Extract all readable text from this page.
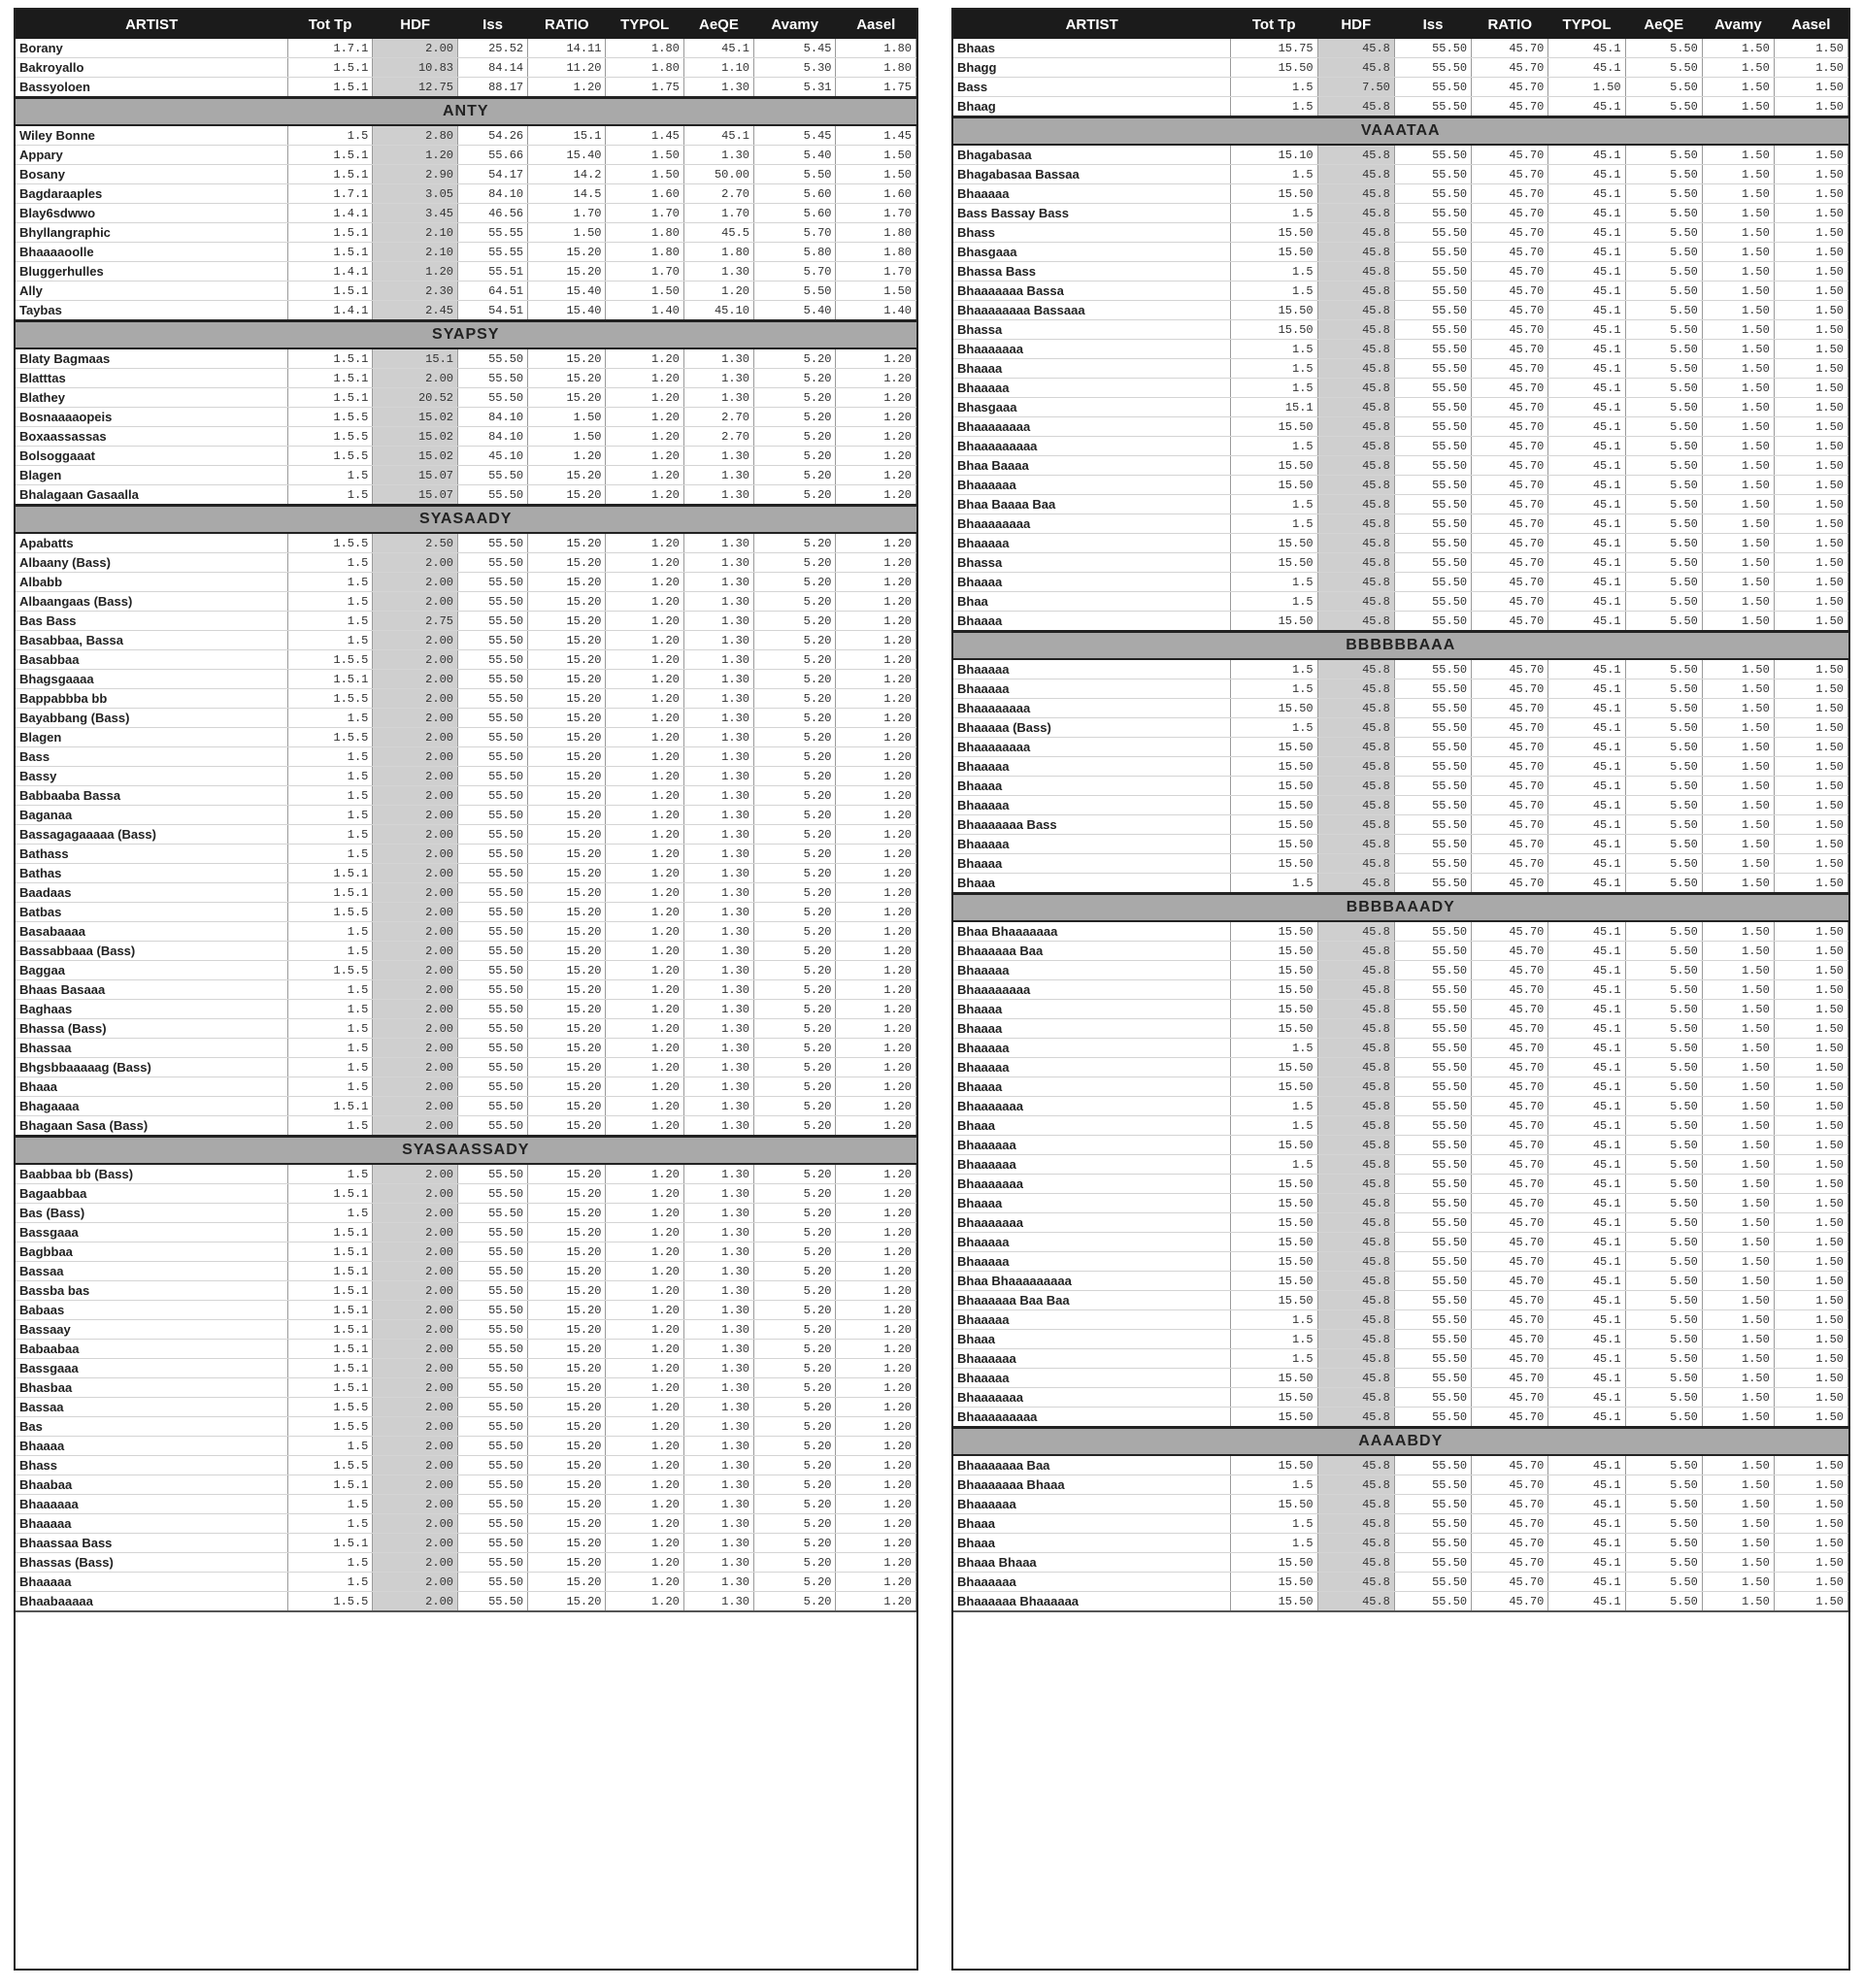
ARTIST	Tot Tp	HDF	Iss	RATIO	TYPOL	AeQE	Avamy	Aasel
Borany	1.7.1	2.00	25.52	14.11	1.80	45.1	5.45	1.80
Bakroyallo	1.5.1	10.83	84.14	11.20	1.80	1.10	5.30	1.80
Bassyoloen	1.5.1	12.75	88.17	1.20	1.75	1.30	5.31	1.75
ANTY								
Wiley Bonne	1.5	2.80	54.26	15.1	1.45	45.1	5.45	1.45
Appary	1.5.1	1.20	55.66	15.40	1.50	1.30	5.40	1.50
Bosany	1.5.1	2.90	54.17	14.2	1.50	50.00	5.50	1.50
Bagdaraaples	1.7.1	3.05	84.10	14.5	1.60	2.70	5.60	1.60
Blay6sdwwo	1.4.1	3.45	46.56	1.70	1.70	1.70	5.60	1.70
Bhyllangraphic	1.5.1	2.10	55.55	1.50	1.80	45.5	5.70	1.80
Bhaaaaoolle	1.5.1	2.10	55.55	15.20	1.80	1.80	5.80	1.80
Bluggerhulles	1.4.1	1.20	55.51	15.20	1.70	1.30	5.70	1.70
Ally	1.5.1	2.30	64.51	15.40	1.50	1.20	5.50	1.50
Taybas	1.4.1	2.45	54.51	15.40	1.40	45.10	5.40	1.40
SYAPSY								
Blaty Bagmaas	1.5.1	15.1	55.50	15.20	1.20	1.30	5.20	1.20
Blatttas	1.5.1	2.00	55.50	15.20	1.20	1.30	5.20	1.20
Blathey	1.5.1	20.52	55.50	15.20	1.20	1.30	5.20	1.20
Bosnaaaaopeis	1.5.5	15.02	84.10	1.50	1.20	2.70	5.20	1.20
Boxaassassas	1.5.5	15.02	84.10	1.50	1.20	2.70	5.20	1.20
Bolsoggaaat	1.5.5	15.02	45.10	1.20	1.20	1.30	5.20	1.20
Blagen	1.5	15.07	55.50	15.20	1.20	1.30	5.20	1.20
Bhalagaan Gasaalla	1.5	15.07	55.50	15.20	1.20	1.30	5.20	1.20
SYASAADY								
Apabatts	1.5.5	2.50	55.50	15.20	1.20	1.30	5.20	1.20
Albaany (Bass)	1.5	2.00	55.50	15.20	1.20	1.30	5.20	1.20
Albabb	1.5	2.00	55.50	15.20	1.20	1.30	5.20	1.20
Albaangaas (Bass)	1.5	2.00	55.50	15.20	1.20	1.30	5.20	1.20
Bas Bass	1.5	2.75	55.50	15.20	1.20	1.30	5.20	1.20
Basabbaa, Bassa	1.5	2.00	55.50	15.20	1.20	1.30	5.20	1.20
Basabbaa	1.5.5	2.00	55.50	15.20	1.20	1.30	5.20	1.20
Bhagsgaaaa	1.5.1	2.00	55.50	15.20	1.20	1.30	5.20	1.20
Bappabbba bb	1.5.5	2.00	55.50	15.20	1.20	1.30	5.20	1.20
Bayabbang (Bass)	1.5	2.00	55.50	15.20	1.20	1.30	5.20	1.20
Blagen	1.5.5	2.00	55.50	15.20	1.20	1.30	5.20	1.20
Bass	1.5	2.00	55.50	15.20	1.20	1.30	5.20	1.20
Bassy	1.5	2.00	55.50	15.20	1.20	1.30	5.20	1.20
Babbaaba Bassa	1.5	2.00	55.50	15.20	1.20	1.30	5.20	1.20
Baganaa	1.5	2.00	55.50	15.20	1.20	1.30	5.20	1.20
Bassagagaaaaa (Bass)	1.5	2.00	55.50	15.20	1.20	1.30	5.20	1.20
Bathass	1.5	2.00	55.50	15.20	1.20	1.30	5.20	1.20
Bathas	1.5.1	2.00	55.50	15.20	1.20	1.30	5.20	1.20
Baadaas	1.5.1	2.00	55.50	15.20	1.20	1.30	5.20	1.20
Batbas	1.5.5	2.00	55.50	15.20	1.20	1.30	5.20	1.20
Basabaaaa	1.5	2.00	55.50	15.20	1.20	1.30	5.20	1.20
Bassabbaaa (Bass)	1.5	2.00	55.50	15.20	1.20	1.30	5.20	1.20
Baggaa	1.5.5	2.00	55.50	15.20	1.20	1.30	5.20	1.20
Bhaas Basaaa	1.5	2.00	55.50	15.20	1.20	1.30	5.20	1.20
Baghaas	1.5	2.00	55.50	15.20	1.20	1.30	5.20	1.20
Bhassa (Bass)	1.5	2.00	55.50	15.20	1.20	1.30	5.20	1.20
Bhassaa	1.5	2.00	55.50	15.20	1.20	1.30	5.20	1.20
Bhgsbbaaaaag (Bass)	1.5	2.00	55.50	15.20	1.20	1.30	5.20	1.20
Bhaaa	1.5	2.00	55.50	15.20	1.20	1.30	5.20	1.20
Bhagaaaa	1.5.1	2.00	55.50	15.20	1.20	1.30	5.20	1.20
Bhagaan Sasa (Bass)	1.5	2.00	55.50	15.20	1.20	1.30	5.20	1.20
SYASAASSADY								
Baabbaa bb (Bass)	1.5	2.00	55.50	15.20	1.20	1.30	5.20	1.20
Bagaabbaa	1.5.1	2.00	55.50	15.20	1.20	1.30	5.20	1.20
Bas (Bass)	1.5	2.00	55.50	15.20	1.20	1.30	5.20	1.20
Bassgaaa	1.5.1	2.00	55.50	15.20	1.20	1.30	5.20	1.20
Bagbbaa	1.5.1	2.00	55.50	15.20	1.20	1.30	5.20	1.20
Bassaa	1.5.1	2.00	55.50	15.20	1.20	1.30	5.20	1.20
Bassba bas	1.5.1	2.00	55.50	15.20	1.20	1.30	5.20	1.20
Babaas	1.5.1	2.00	55.50	15.20	1.20	1.30	5.20	1.20
Bassaay	1.5.1	2.00	55.50	15.20	1.20	1.30	5.20	1.20
Babaabaa	1.5.1	2.00	55.50	15.20	1.20	1.30	5.20	1.20
Bassgaaa	1.5.1	2.00	55.50	15.20	1.20	1.30	5.20	1.20
Bhasbaa	1.5.1	2.00	55.50	15.20	1.20	1.30	5.20	1.20
Bassaa	1.5.5	2.00	55.50	15.20	1.20	1.30	5.20	1.20
Bas	1.5.5	2.00	55.50	15.20	1.20	1.30	5.20	1.20
Bhaaaa	1.5	2.00	55.50	15.20	1.20	1.30	5.20	1.20
Bhass	1.5.5	2.00	55.50	15.20	1.20	1.30	5.20	1.20
Bhaabaa	1.5.1	2.00	55.50	15.20	1.20	1.30	5.20	1.20
Bhaaaaaa	1.5	2.00	55.50	15.20	1.20	1.30	5.20	1.20
Bhaaaaa	1.5	2.00	55.50	15.20	1.20	1.30	5.20	1.20
Bhaassaa Bass	1.5.1	2.00	55.50	15.20	1.20	1.30	5.20	1.20
Bhassas (Bass)	1.5	2.00	55.50	15.20	1.20	1.30	5.20	1.20
Bhaaaaa	1.5	2.00	55.50	15.20	1.20	1.30	5.20	1.20
Bhaabaaaaa	1.5.5	2.00	55.50	15.20	1.20	1.30	5.20	1.20
ARTIST	Tot Tp	HDF	Iss	RATIO	TYPOL	AeQE	Avamy	Aasel
Bhaas	15.75	45.8	55.50	45.70	45.1	5.50	1.50	1.50
Bhagg	15.50	45.8	55.50	45.70	45.1	5.50	1.50	1.50
Bass	1.5	7.50	55.50	45.70	1.50	5.50	1.50	1.50
Bhaag	1.5	45.8	55.50	45.70	45.1	5.50	1.50	1.50
VAAATAA								
Bhagabasaa	15.10	45.8	55.50	45.70	45.1	5.50	1.50	1.50
Bhagabasaa Bassaa	1.5	45.8	55.50	45.70	45.1	5.50	1.50	1.50
Bhaaaaa	15.50	45.8	55.50	45.70	45.1	5.50	1.50	1.50
Bass Bassay Bass	1.5	45.8	55.50	45.70	45.1	5.50	1.50	1.50
Bhass	15.50	45.8	55.50	45.70	45.1	5.50	1.50	1.50
Bhasgaaa	15.50	45.8	55.50	45.70	45.1	5.50	1.50	1.50
Bhassa Bass	1.5	45.8	55.50	45.70	45.1	5.50	1.50	1.50
Bhaaaaaaa Bassa	1.5	45.8	55.50	45.70	45.1	5.50	1.50	1.50
Bhaaaaaaaa Bassaaa	15.50	45.8	55.50	45.70	45.1	5.50	1.50	1.50
Bhassa	15.50	45.8	55.50	45.70	45.1	5.50	1.50	1.50
Bhaaaaaaa	1.5	45.8	55.50	45.70	45.1	5.50	1.50	1.50
Bhaaaa	1.5	45.8	55.50	45.70	45.1	5.50	1.50	1.50
Bhaaaaa	1.5	45.8	55.50	45.70	45.1	5.50	1.50	1.50
Bhasgaaa	15.1	45.8	55.50	45.70	45.1	5.50	1.50	1.50
Bhaaaaaaaa	15.50	45.8	55.50	45.70	45.1	5.50	1.50	1.50
Bhaaaaaaaaa	1.5	45.8	55.50	45.70	45.1	5.50	1.50	1.50
Bhaa Baaaa	15.50	45.8	55.50	45.70	45.1	5.50	1.50	1.50
Bhaaaaaa	15.50	45.8	55.50	45.70	45.1	5.50	1.50	1.50
Bhaa Baaaa Baa	1.5	45.8	55.50	45.70	45.1	5.50	1.50	1.50
Bhaaaaaaaa	1.5	45.8	55.50	45.70	45.1	5.50	1.50	1.50
Bhaaaaa	15.50	45.8	55.50	45.70	45.1	5.50	1.50	1.50
Bhassa	15.50	45.8	55.50	45.70	45.1	5.50	1.50	1.50
Bhaaaa	1.5	45.8	55.50	45.70	45.1	5.50	1.50	1.50
Bhaa	1.5	45.8	55.50	45.70	45.1	5.50	1.50	1.50
Bhaaaa	15.50	45.8	55.50	45.70	45.1	5.50	1.50	1.50
BBBBBBAAA								
Bhaaaaa	1.5	45.8	55.50	45.70	45.1	5.50	1.50	1.50
Bhaaaaa	1.5	45.8	55.50	45.70	45.1	5.50	1.50	1.50
Bhaaaaaaaa	15.50	45.8	55.50	45.70	45.1	5.50	1.50	1.50
Bhaaaaa (Bass)	1.5	45.8	55.50	45.70	45.1	5.50	1.50	1.50
Bhaaaaaaaa	15.50	45.8	55.50	45.70	45.1	5.50	1.50	1.50
Bhaaaaa	15.50	45.8	55.50	45.70	45.1	5.50	1.50	1.50
Bhaaaa	15.50	45.8	55.50	45.70	45.1	5.50	1.50	1.50
Bhaaaaa	15.50	45.8	55.50	45.70	45.1	5.50	1.50	1.50
Bhaaaaaaa Bass	15.50	45.8	55.50	45.70	45.1	5.50	1.50	1.50
Bhaaaaa	15.50	45.8	55.50	45.70	45.1	5.50	1.50	1.50
Bhaaaa	15.50	45.8	55.50	45.70	45.1	5.50	1.50	1.50
Bhaaa	1.5	45.8	55.50	45.70	45.1	5.50	1.50	1.50
BBBBAAADY								
Bhaa Bhaaaaaaa	15.50	45.8	55.50	45.70	45.1	5.50	1.50	1.50
Bhaaaaaa Baa	15.50	45.8	55.50	45.70	45.1	5.50	1.50	1.50
Bhaaaaa	15.50	45.8	55.50	45.70	45.1	5.50	1.50	1.50
Bhaaaaaaaa	15.50	45.8	55.50	45.70	45.1	5.50	1.50	1.50
Bhaaaa	15.50	45.8	55.50	45.70	45.1	5.50	1.50	1.50
Bhaaaa	15.50	45.8	55.50	45.70	45.1	5.50	1.50	1.50
Bhaaaaa	1.5	45.8	55.50	45.70	45.1	5.50	1.50	1.50
Bhaaaaa	15.50	45.8	55.50	45.70	45.1	5.50	1.50	1.50
Bhaaaa	15.50	45.8	55.50	45.70	45.1	5.50	1.50	1.50
Bhaaaaaaa	1.5	45.8	55.50	45.70	45.1	5.50	1.50	1.50
Bhaaa	1.5	45.8	55.50	45.70	45.1	5.50	1.50	1.50
Bhaaaaaa	15.50	45.8	55.50	45.70	45.1	5.50	1.50	1.50
Bhaaaaaa	1.5	45.8	55.50	45.70	45.1	5.50	1.50	1.50
Bhaaaaaaa	15.50	45.8	55.50	45.70	45.1	5.50	1.50	1.50
Bhaaaa	15.50	45.8	55.50	45.70	45.1	5.50	1.50	1.50
Bhaaaaaaa	15.50	45.8	55.50	45.70	45.1	5.50	1.50	1.50
Bhaaaaa	15.50	45.8	55.50	45.70	45.1	5.50	1.50	1.50
Bhaaaaa	15.50	45.8	55.50	45.70	45.1	5.50	1.50	1.50
Bhaa Bhaaaaaaaaa	15.50	45.8	55.50	45.70	45.1	5.50	1.50	1.50
Bhaaaaaa Baa Baa	15.50	45.8	55.50	45.70	45.1	5.50	1.50	1.50
Bhaaaaa	1.5	45.8	55.50	45.70	45.1	5.50	1.50	1.50
Bhaaa	1.5	45.8	55.50	45.70	45.1	5.50	1.50	1.50
Bhaaaaaa	1.5	45.8	55.50	45.70	45.1	5.50	1.50	1.50
Bhaaaaa	15.50	45.8	55.50	45.70	45.1	5.50	1.50	1.50
Bhaaaaaaa	15.50	45.8	55.50	45.70	45.1	5.50	1.50	1.50
Bhaaaaaaaaa	15.50	45.8	55.50	45.70	45.1	5.50	1.50	1.50
AAAABDY								
Bhaaaaaaa Baa	15.50	45.8	55.50	45.70	45.1	5.50	1.50	1.50
Bhaaaaaaa Bhaaa	1.5	45.8	55.50	45.70	45.1	5.50	1.50	1.50
Bhaaaaaa	15.50	45.8	55.50	45.70	45.1	5.50	1.50	1.50
Bhaaa	1.5	45.8	55.50	45.70	45.1	5.50	1.50	1.50
Bhaaa	1.5	45.8	55.50	45.70	45.1	5.50	1.50	1.50
Bhaaa Bhaaa	15.50	45.8	55.50	45.70	45.1	5.50	1.50	1.50
Bhaaaaaa	15.50	45.8	55.50	45.70	45.1	5.50	1.50	1.50
Bhaaaaaa Bhaaaaaa	15.50	45.8	55.50	45.70	45.1	5.50	1.50	1.50
